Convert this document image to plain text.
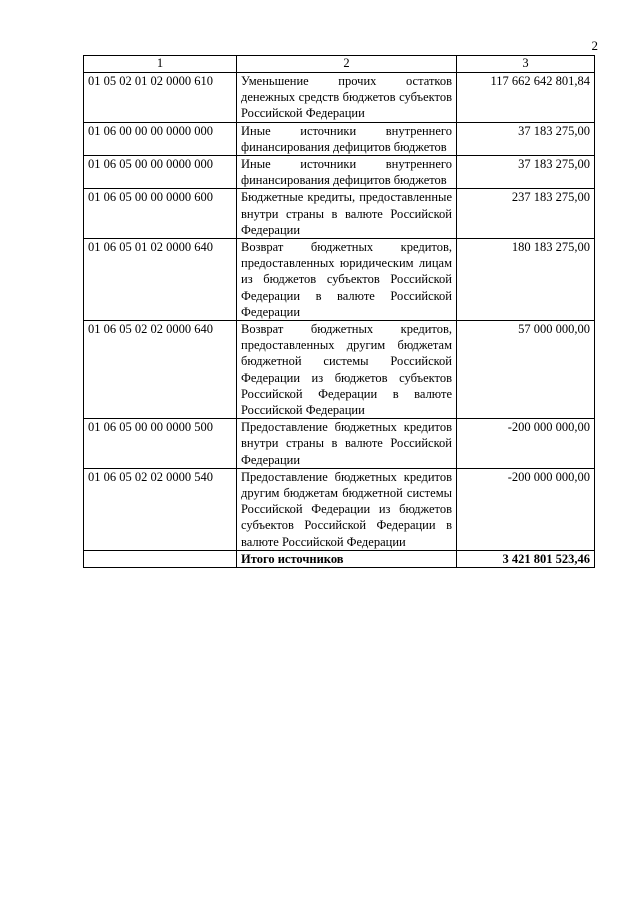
2
1	2	3
01 05 02 01 02 0000 610	Уменьшение прочих остатков денежных средств бюджетов субъектов Российской Федерации	117 662 642 801,84
01 06 00 00 00 0000 000	Иные источники внутреннего финансирования дефицитов бюджетов	37 183 275,00
01 06 05 00 00 0000 000	Иные источники внутреннего финансирования дефицитов бюджетов	37 183 275,00
01 06 05 00 00 0000 600	Бюджетные кредиты, предоставленные внутри страны в валюте Российской Федерации	237 183 275,00
01 06 05 01 02 0000 640	Возврат бюджетных кредитов, предоставленных юридическим лицам из бюджетов субъектов Российской Федерации в валюте Российской Федерации	180 183 275,00
01 06 05 02 02 0000 640	Возврат бюджетных кредитов, предоставленных другим бюджетам бюджетной системы Российской Федерации из бюджетов субъектов Российской Федерации в валюте Российской Федерации	57 000 000,00
01 06 05 00 00 0000 500	Предоставление бюджетных кредитов внутри страны в валюте Российской Федерации	-200 000 000,00
01 06 05 02 02 0000 540	Предоставление бюджетных кредитов другим бюджетам бюджетной системы Российской Федерации из бюджетов субъектов Российской Федерации в валюте Российской Федерации	-200 000 000,00
	Итого источников	3 421 801 523,46
